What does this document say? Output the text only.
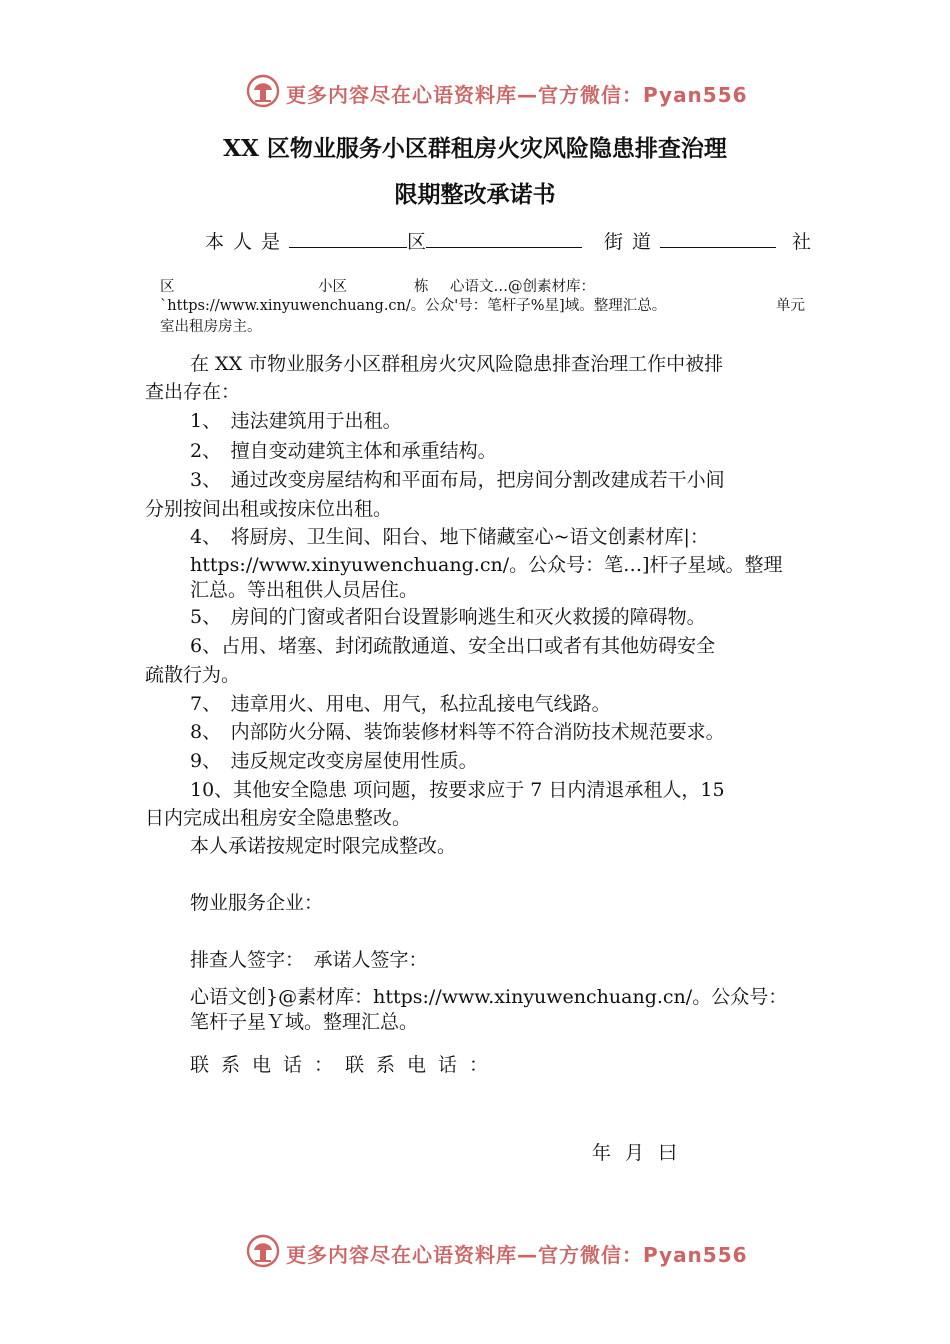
更多内容尽在心语资料库—官方微信：Pyan556
XX 区物业服务小区群租房火灾风险隐患排查治理
限期整改承诺书
本人是	区	街道	社
区	小区	栋 心语文…@创素材库：
`https://www.xinyuwenchuang.cn/。公众'号：笔杆子%星]域。整理汇总。	单元
室出租房房主。
在 XX 市物业服务小区群租房火灾风险隐患排查治理工作中被排
查出存在：
1、　违法建筑用于出租。
2、　擅自变动建筑主体和承重结构。
3、　通过改变房屋结构和平面布局，把房间分割改建成若干小间
分别按间出租或按床位出租。
4、　将厨房、卫生间、阳台、地下储藏室心~语文创素材库|：
https://www.xinyuwenchuang.cn/。公众号：笔…]杆子星域。整理
汇总。等出租供人员居住。
5、　房间的门窗或者阳台设置影响逃生和灭火救援的障碍物。
6、占用、堵塞、封闭疏散通道、安全出口或者有其他妨碍安全
疏散行为。
7、　违章用火、用电、用气，私拉乱接电气线路。
8、　内部防火分隔、装饰装修材料等不符合消防技术规范要求。
9、　违反规定改变房屋使用性质。
10、其他安全隐患 项问题，按要求应于 7 日内清退承租人，15
日内完成出租房安全隐患整改。
本人承诺按规定时限完成整改。
物业服务企业：
排查人签字：　承诺人签字：
心语文创}@素材库：https://www.xinyuwenchuang.cn/。公众号：
笔杆子星Ｙ域。整理汇总。
联系电话：联系电话：
年 月 曰
更多内容尽在心语资料库—官方微信：Pyan556
